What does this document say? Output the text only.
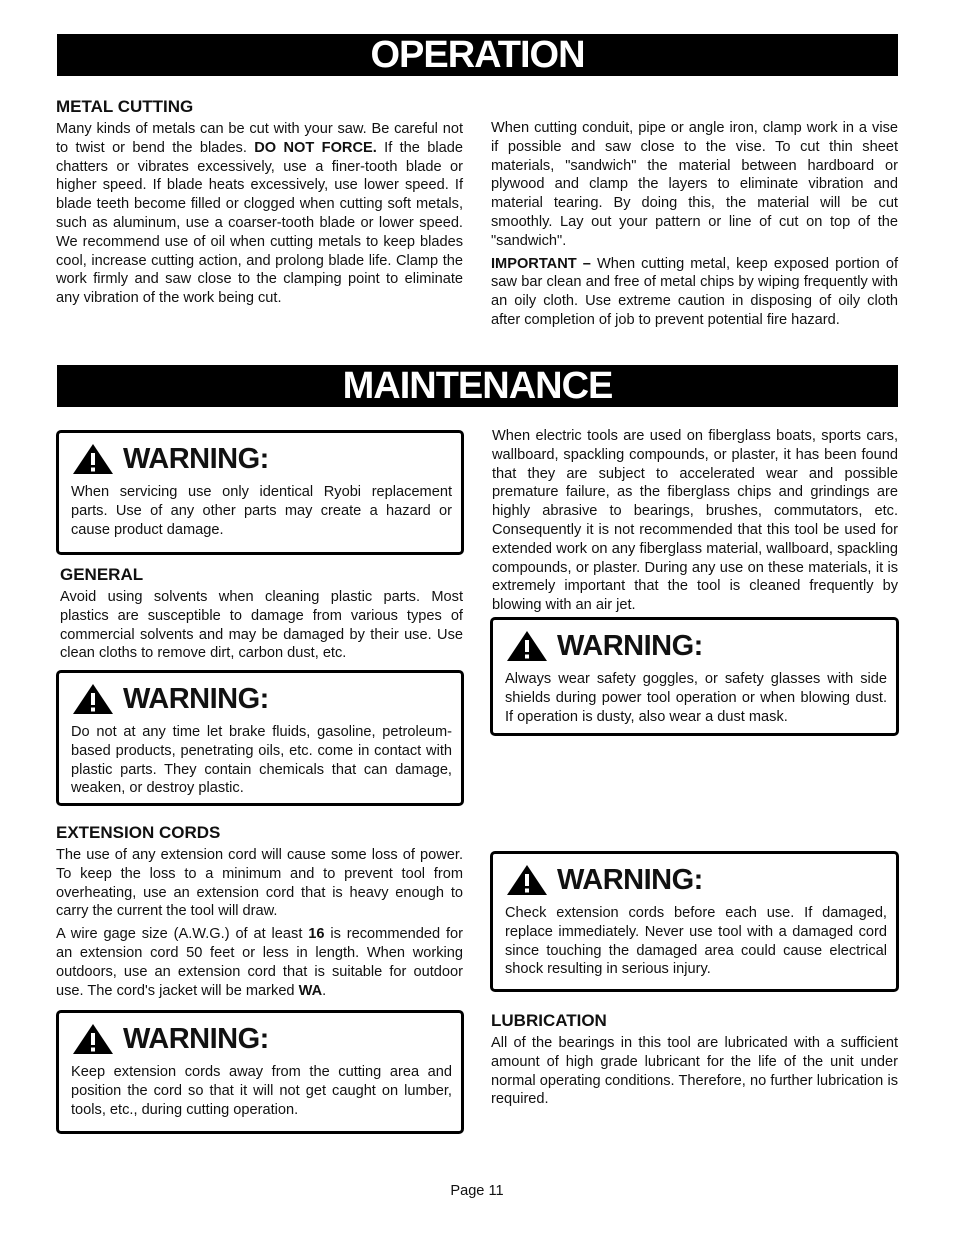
OPERATION
METAL CUTTING

Many kinds of metals can be cut with your saw. Be careful not to twist or bend the blades. DO NOT FORCE. If the blade chatters or vibrates excessively, use a finer-tooth blade or higher speed. If blade heats excessively, use lower speed. If blade teeth become filled or clogged when cutting soft metals, such as aluminum, use a coarser-tooth blade or lower speed. We recommend use of oil when cutting metals to keep blades cool, increase cutting action, and prolong blade life. Clamp the work firmly and saw close to the clamping point to eliminate any vibration of the work being cut.

When cutting conduit, pipe or angle iron, clamp work in a vise if possible and saw close to the vise. To cut thin sheet materials, "sandwich" the material between hardboard or plywood and clamp the layers to eliminate vibration and material tearing. By doing this, the material will be cut smoothly. Lay out your pattern or line of cut on top of the "sandwich".

IMPORTANT – When cutting metal, keep exposed portion of saw bar clean and free of metal chips by wiping frequently with an oily cloth. Use extreme caution in disposing of oily cloth after completion of job to prevent potential fire hazard.

MAINTENANCE
WARNING:

When servicing use only identical Ryobi replacement parts. Use of any other parts may create a hazard or cause product damage.

GENERAL

Avoid using solvents when cleaning plastic parts. Most plastics are susceptible to damage from various types of commercial solvents and may be damaged by their use. Use clean cloths to remove dirt, carbon dust, etc.

WARNING:

Do not at any time let brake fluids, gasoline, petroleum-based products, penetrating oils, etc. come in contact with plastic parts. They contain chemicals that can damage, weaken, or destroy plastic.

EXTENSION CORDS

The use of any extension cord will cause some loss of power. To keep the loss to a minimum and to prevent tool from overheating, use an extension cord that is heavy enough to carry the current the tool will draw.

A wire gage size (A.W.G.) of at least 16 is recommended for an extension cord 50 feet or less in length. When working outdoors, use an extension cord that is suitable for outdoor use. The cord's jacket will be marked WA.

WARNING:

Keep extension cords away from the cutting area and position the cord so that it will not get caught on lumber, tools, etc., during cutting operation.

When electric tools are used on fiberglass boats, sports cars, wallboard, spackling compounds, or plaster, it has been found that they are subject to accelerated wear and possible premature failure, as the fiberglass chips and grindings are highly abrasive to bearings, brushes, commutators, etc. Consequently it is not recommended that this tool be used for extended work on any fiberglass material, wallboard, spackling compounds, or plaster. During any use on these materials, it is extremely important that the tool is cleaned frequently by blowing with an air jet.

WARNING:

Always wear safety goggles, or safety glasses with side shields during power tool operation or when blowing dust. If operation is dusty, also wear a dust mask.

WARNING:

Check extension cords before each use. If damaged, replace immediately. Never use tool with a damaged cord since touching the damaged area could cause electrical shock resulting in serious injury.

LUBRICATION

All of the bearings in this tool are lubricated with a sufficient amount of high grade lubricant for the life of the unit under normal operating conditions. Therefore, no further lubrication is required.

Page 11
